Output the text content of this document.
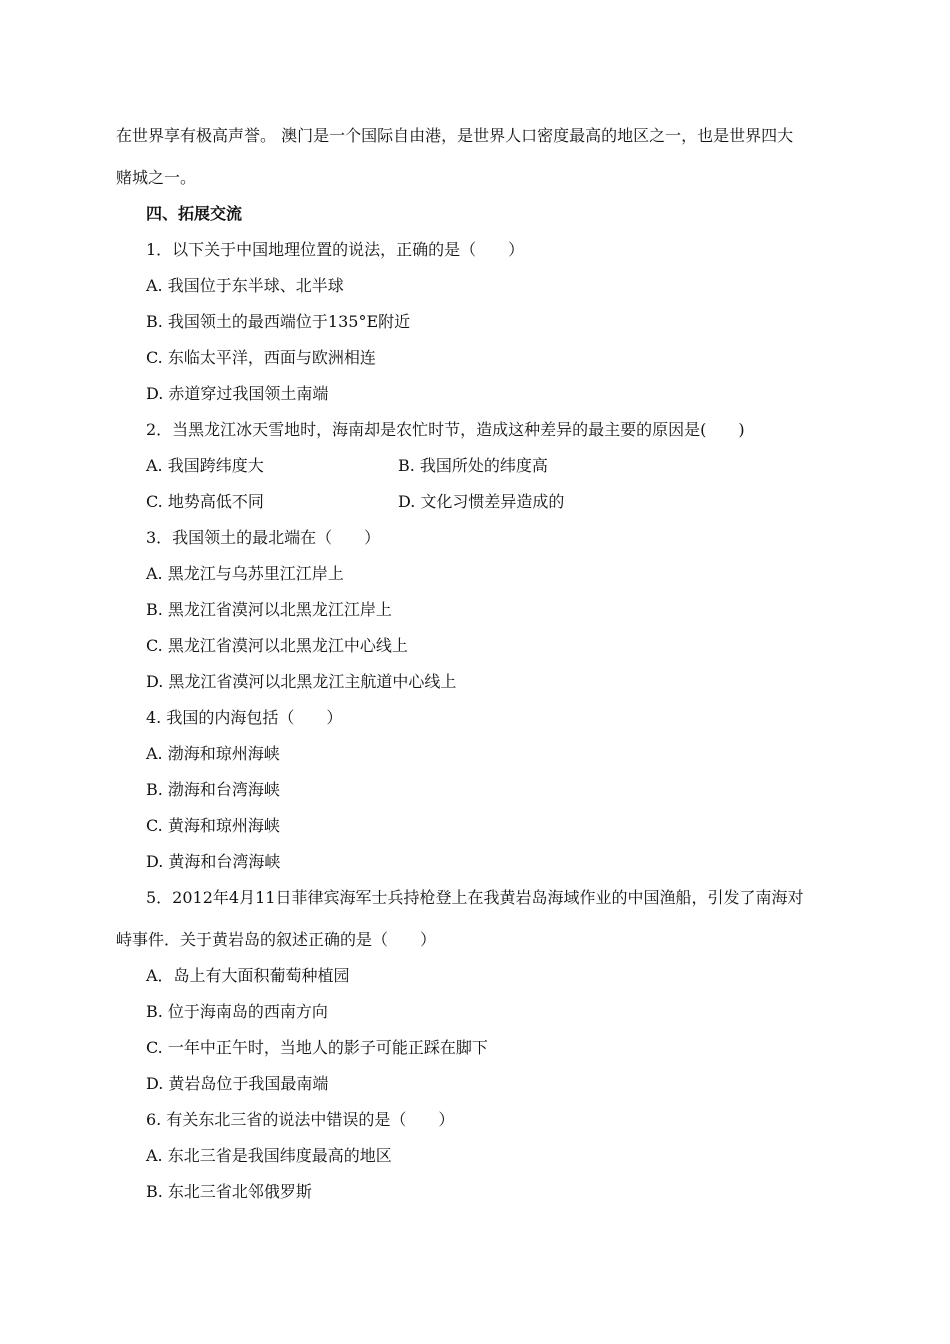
在世界享有极高声誉。 澳门是一个国际自由港，是世界人口密度最高的地区之一，也是世界四大
赌城之一。
四、拓展交流
1．以下关于中国地理位置的说法，正确的是（　　）
A. 我国位于东半球、北半球
B. 我国领土的最西端位于135°E附近
C. 东临太平洋，西面与欧洲相连
D. 赤道穿过我国领土南端
2．当黑龙江冰天雪地时，海南却是农忙时节，造成这种差异的最主要的原因是(　　)
A. 我国跨纬度大	B. 我国所处的纬度高
C. 地势高低不同	D. 文化习惯差异造成的
3．我国领土的最北端在（　　）
A. 黑龙江与乌苏里江江岸上
B. 黑龙江省漠河以北黑龙江江岸上
C. 黑龙江省漠河以北黑龙江中心线上
D. 黑龙江省漠河以北黑龙江主航道中心线上
4. 我国的内海包括（　　）
A. 渤海和琼州海峡
B. 渤海和台湾海峡
C. 黄海和琼州海峡
D. 黄海和台湾海峡
5．2012年4月11日菲律宾海军士兵持枪登上在我黄岩岛海域作业的中国渔船，引发了南海对
峙事件．关于黄岩岛的叙述正确的是（　　）
A．岛上有大面积葡萄种植园
B. 位于海南岛的西南方向
C. 一年中正午时，当地人的影子可能正踩在脚下
D. 黄岩岛位于我国最南端
6. 有关东北三省的说法中错误的是（　　）
A. 东北三省是我国纬度最高的地区
B. 东北三省北邻俄罗斯
